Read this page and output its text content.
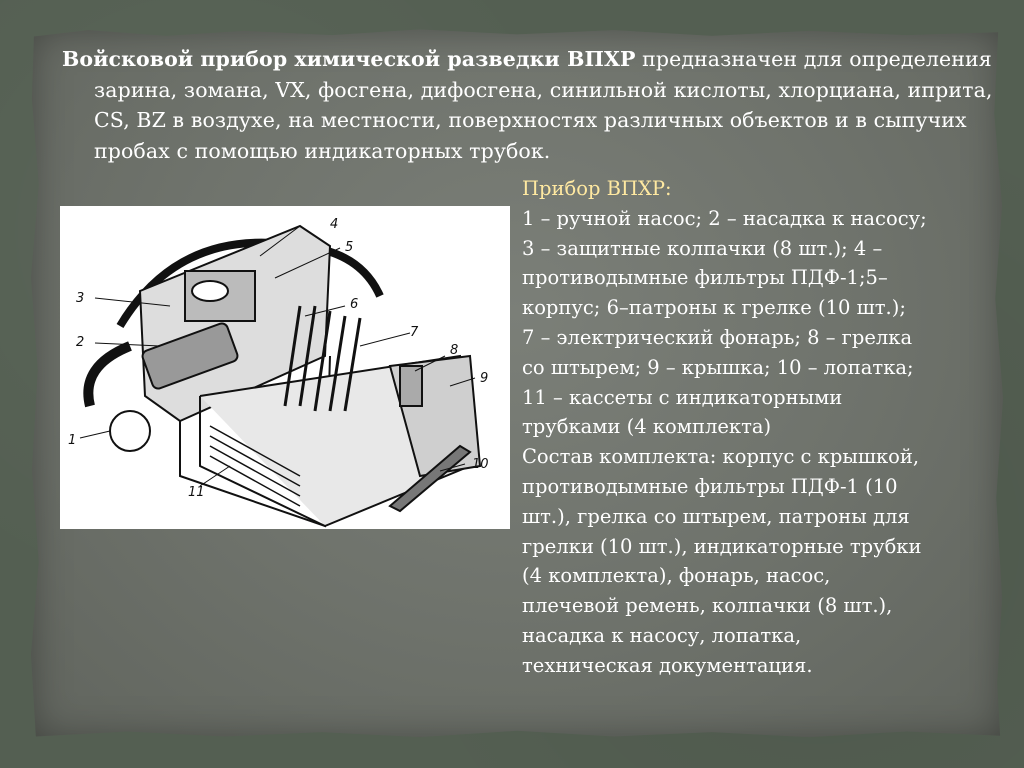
Войсковой прибор химической разведки ВПХР предназначен для определения зарина, зомана, VX, фосгена, дифосгена, синильной кислоты, хлорциана, иприта, CS, BZ в воздухе, на местности, поверхностях различных объектов и в сыпучих пробах с помощью индикаторных трубок.
3
2
1
11
4
5
6
7
8
9
10
Прибор ВПХР:
1 – ручной насос; 2 – насадка к насосу;
3 – защитные колпачки (8 шт.); 4 –
противодымные фильтры ПДФ-1;5–
корпус; 6–патроны к грелке (10 шт.);
7 – электрический фонарь; 8 – грелка
со штырем; 9 – крышка; 10 – лопатка;
11 – кассеты с индикаторными
трубками (4 комплекта)
Состав комплекта: корпус с крышкой,
противодымные фильтры ПДФ-1 (10
шт.), грелка со штырем, патроны для
грелки (10 шт.), индикаторные трубки
(4 комплекта), фонарь, насос,
плечевой ремень, колпачки (8 шт.),
насадка к насосу, лопатка,
техническая документация.
